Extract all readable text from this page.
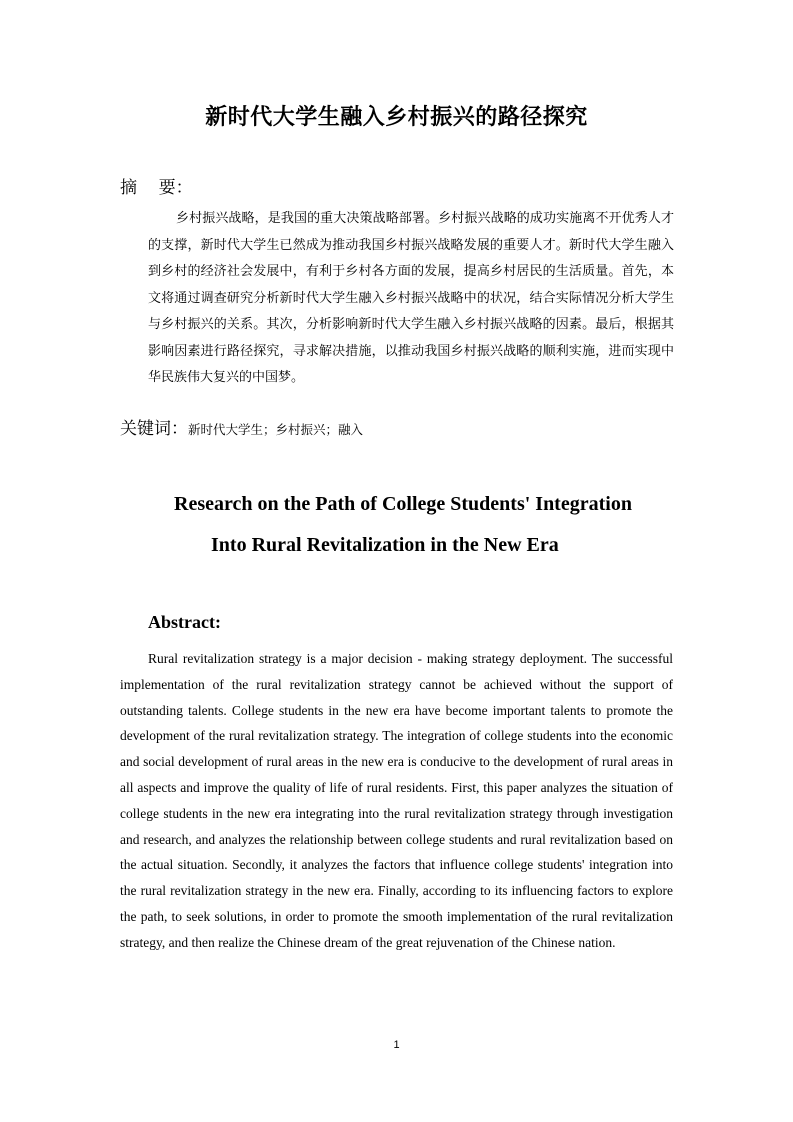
新时代大学生融入乡村振兴的路径探究

摘    要：

乡村振兴战略，是我国的重大决策战略部署。乡村振兴战略的成功实施离不开优秀人才的支撑，新时代大学生已然成为推动我国乡村振兴战略发展的重要人才。新时代大学生融入到乡村的经济社会发展中，有利于乡村各方面的发展，提高乡村居民的生活质量。首先，本文将通过调查研究分析新时代大学生融入乡村振兴战略中的状况，结合实际情况分析大学生与乡村振兴的关系。其次，分析影响新时代大学生融入乡村振兴战略的因素。最后，根据其影响因素进行路径探究，寻求解决措施，以推动我国乡村振兴战略的顺利实施，进而实现中华民族伟大复兴的中国梦。

关键词：新时代大学生；乡村振兴；融入

Research on the Path of College Students' Integration
Into Rural Revitalization in the New Era
Abstract:

Rural revitalization strategy is a major decision - making strategy deployment. The successful implementation of the rural revitalization strategy cannot be achieved without the support of outstanding talents. College students in the new era have become important talents to promote the development of the rural revitalization strategy. The integration of college students into the economic and social development of rural areas in the new era is conducive to the development of rural areas in all aspects and improve the quality of life of rural residents. First, this paper analyzes the situation of college students in the new era integrating into the rural revitalization strategy through investigation and research, and analyzes the relationship between college students and rural revitalization based on the actual situation. Secondly, it analyzes the factors that influence college students' integration into the rural revitalization strategy in the new era. Finally, according to its influencing factors to explore the path, to seek solutions, in order to promote the smooth implementation of the rural revitalization strategy, and then realize the Chinese dream of the great rejuvenation of the Chinese nation.

1
